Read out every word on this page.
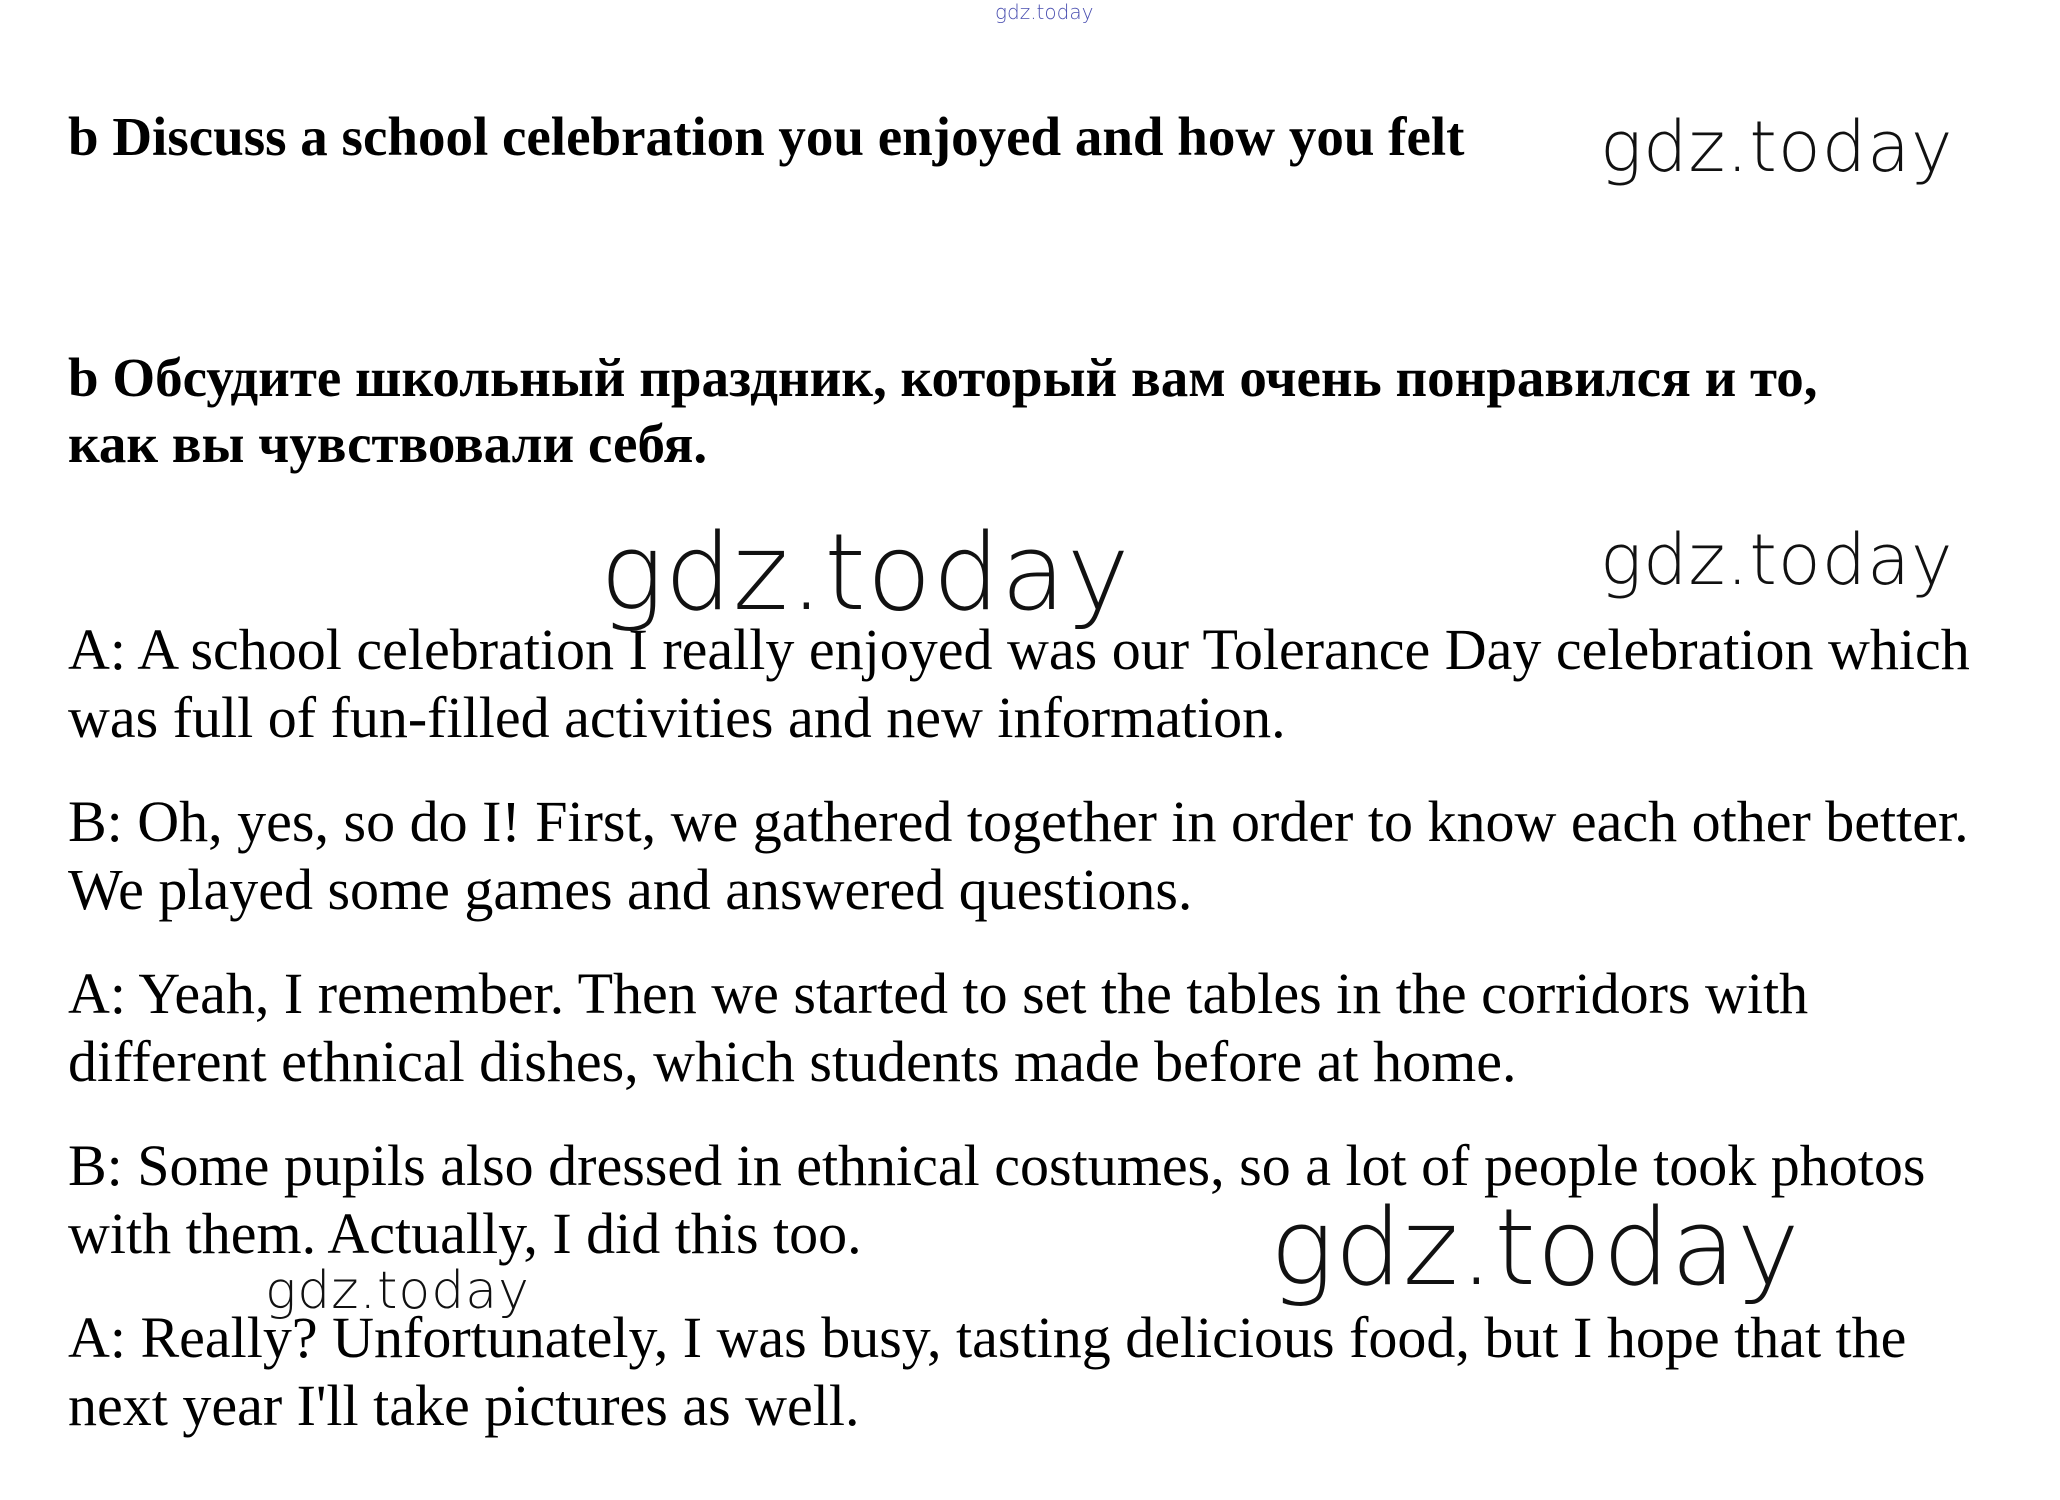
gdz.today
b Discuss a school celebration you enjoyed and how you felt	gdz.today
b Обсудите школьный праздник, который вам очень понравился и то,
как вы чувствовали себя.
gdz.today	gdz.today
A: A school celebration I really enjoyed was our Tolerance Day celebration which
was full of fun-filled activities and new information.
B: Oh, yes, so do I! First, we gathered together in order to know each other better.
We played some games and answered questions.
A: Yeah, I remember. Then we started to set the tables in the corridors with
different ethnical dishes, which students made before at home.
B: Some pupils also dressed in ethnical costumes, so a lot of people took photos
with them. Actually, I did this too.	gdz.today
gdz.today
A: Really? Unfortunately, I was busy, tasting delicious food, but I hope that the
next year I'll take pictures as well.
